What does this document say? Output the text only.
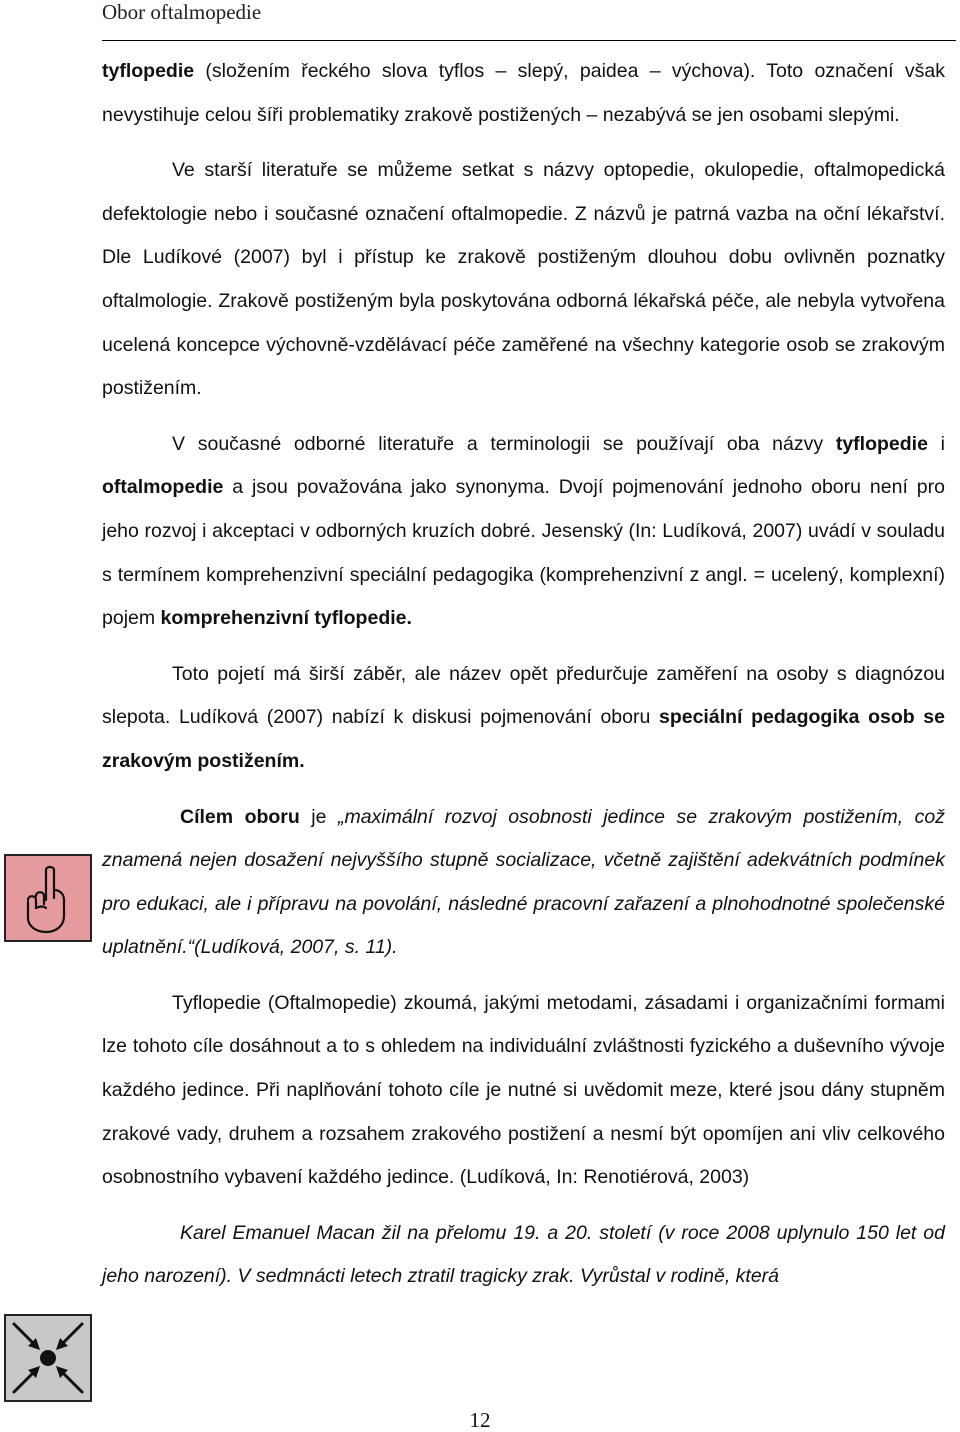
Obor oftalmopedie

tyflopedie (složením řeckého slova tyflos – slepý, paidea – výchova). Toto označení však nevystihuje celou šíři problematiky zrakově postižených – nezabývá se jen osobami slepými.

Ve starší literatuře se můžeme setkat s názvy optopedie, okulopedie, oftalmopedická defektologie nebo i současné označení oftalmopedie. Z názvů je patrná vazba na oční lékařství. Dle Ludíkové (2007) byl i přístup ke zrakově postiženým dlouhou dobu ovlivněn poznatky oftalmologie. Zrakově postiženým byla poskytována odborná lékařská péče, ale nebyla vytvořena ucelená koncepce výchovně-vzdělávací péče zaměřené na všechny kategorie osob se zrakovým postižením.

V současné odborné literatuře a terminologii se používají oba názvy tyflopedie i oftalmopedie a jsou považována jako synonyma. Dvojí pojmenování jednoho oboru není pro jeho rozvoj i akceptaci v odborných kruzích dobré. Jesenský (In: Ludíková, 2007) uvádí v souladu s termínem komprehenzivní speciální pedagogika (komprehenzivní z angl. = ucelený, komplexní) pojem komprehenzivní tyflopedie.

Toto pojetí má širší záběr, ale název opět předurčuje zaměření na osoby s diagnózou slepota. Ludíková (2007) nabízí k diskusi pojmenování oboru speciální pedagogika osob se zrakovým postižením.

Cílem oboru je „maximální rozvoj osobnosti jedince se zrakovým postižením, což znamená nejen dosažení nejvyššího stupně socializace, včetně zajištění adekvátních podmínek pro edukaci, ale i přípravu na povolání, následné pracovní zařazení a plnohodnotné společenské uplatnění.“(Ludíková, 2007, s. 11).

Tyflopedie (Oftalmopedie) zkoumá, jakými metodami, zásadami i organizačními formami lze tohoto cíle dosáhnout a to s ohledem na individuální zvláštnosti fyzického a duševního vývoje každého jedince. Při naplňování tohoto cíle je nutné si uvědomit meze, které jsou dány stupněm zrakové vady, druhem a rozsahem zrakového postižení a nesmí být opomíjen ani vliv celkového osobnostního vybavení každého jedince. (Ludíková, In: Renotiérová, 2003)

Karel Emanuel Macan žil na přelomu 19. a 20. století (v roce 2008 uplynulo 150 let od jeho narození). V sedmnácti letech ztratil tragicky zrak. Vyrůstal v rodině, která

12
